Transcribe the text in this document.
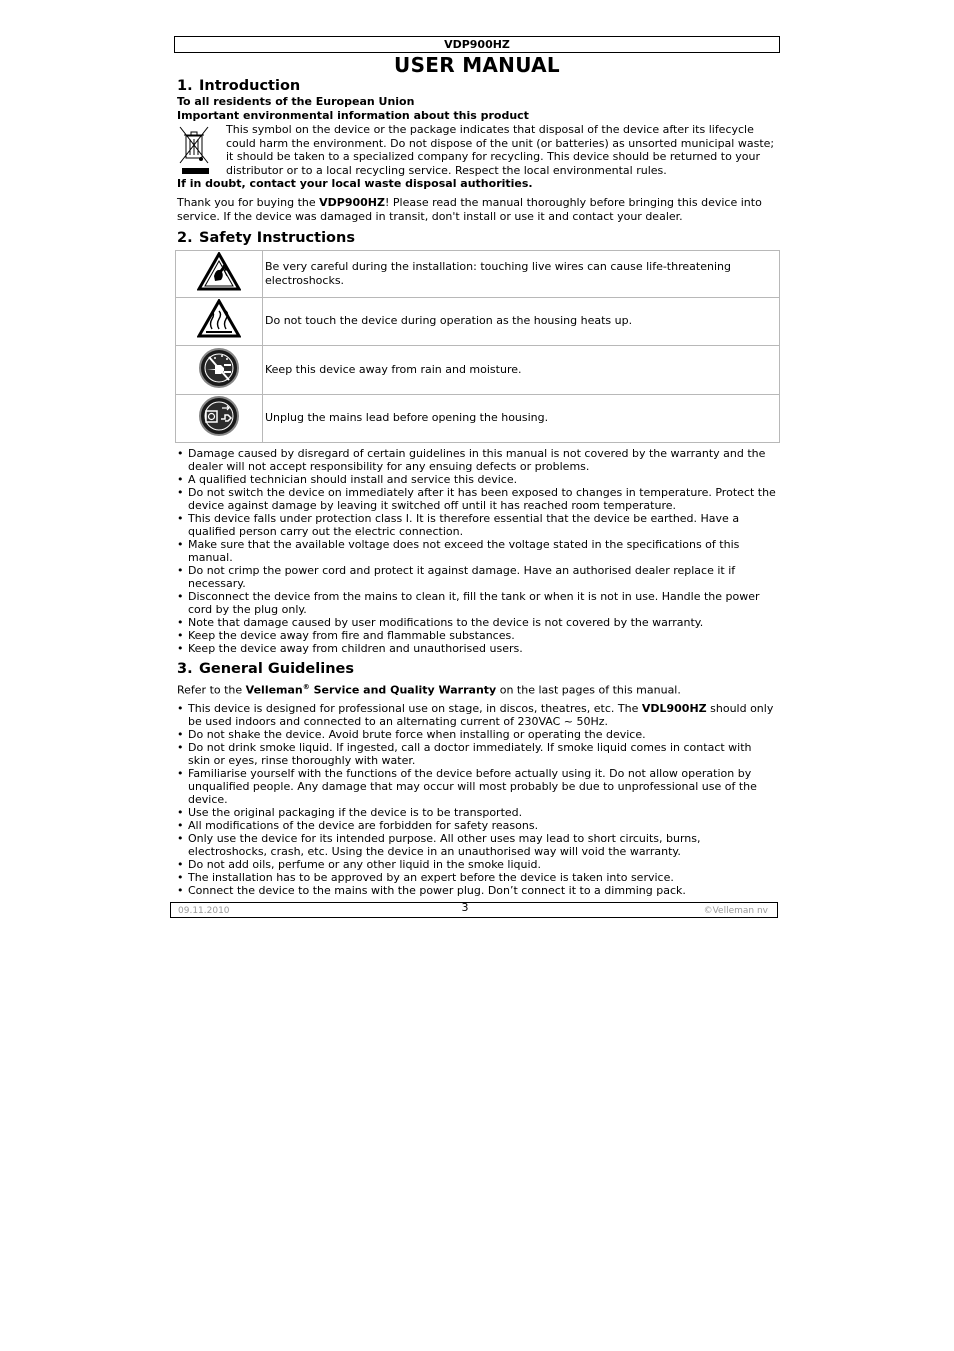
VDP900HZ
USER MANUAL
1. Introduction
To all residents of the European Union
Important environmental information about this product
This symbol on the device or the package indicates that disposal of the device after its lifecycle could harm the environment. Do not dispose of the unit (or batteries) as unsorted municipal waste; it should be taken to a specialized company for recycling. This device should be returned to your distributor or to a local recycling service. Respect the local environmental rules.
If in doubt, contact your local waste disposal authorities.

Thank you for buying the VDP900HZ! Please read the manual thoroughly before bringing this device into service. If the device was damaged in transit, don't install or use it and contact your dealer.

2. Safety Instructions
	Be very careful during the installation: touching live wires can cause life-threatening electroshocks.
	Do not touch the device during operation as the housing heats up.
	Keep this device away from rain and moisture.
	Unplug the mains lead before opening the housing.
• Damage caused by disregard of certain guidelines in this manual is not covered by the warranty and the dealer will not accept responsibility for any ensuing defects or problems.
• A qualified technician should install and service this device.
• Do not switch the device on immediately after it has been exposed to changes in temperature. Protect the device against damage by leaving it switched off until it has reached room temperature.
• This device falls under protection class I. It is therefore essential that the device be earthed. Have a qualified person carry out the electric connection.
• Make sure that the available voltage does not exceed the voltage stated in the specifications of this manual.
• Do not crimp the power cord and protect it against damage. Have an authorised dealer replace it if necessary.
• Disconnect the device from the mains to clean it, fill the tank or when it is not in use. Handle the power cord by the plug only.
• Note that damage caused by user modifications to the device is not covered by the warranty.
• Keep the device away from fire and flammable substances.
• Keep the device away from children and unauthorised users.
3. General Guidelines

Refer to the Velleman® Service and Quality Warranty on the last pages of this manual.

• This device is designed for professional use on stage, in discos, theatres, etc. The VDL900HZ should only be used indoors and connected to an alternating current of 230VAC ~ 50Hz.
• Do not shake the device. Avoid brute force when installing or operating the device.
• Do not drink smoke liquid. If ingested, call a doctor immediately. If smoke liquid comes in contact with skin or eyes, rinse thoroughly with water.
• Familiarise yourself with the functions of the device before actually using it. Do not allow operation by unqualified people. Any damage that may occur will most probably be due to unprofessional use of the device.
• Use the original packaging if the device is to be transported.
• All modifications of the device are forbidden for safety reasons.
• Only use the device for its intended purpose. All other uses may lead to short circuits, burns, electroshocks, crash, etc. Using the device in an unauthorised way will void the warranty.
• Do not add oils, perfume or any other liquid in the smoke liquid.
• The installation has to be approved by an expert before the device is taken into service.
• Connect the device to the mains with the power plug. Don’t connect it to a dimming pack.
09.11.2010	3	©Velleman nv
